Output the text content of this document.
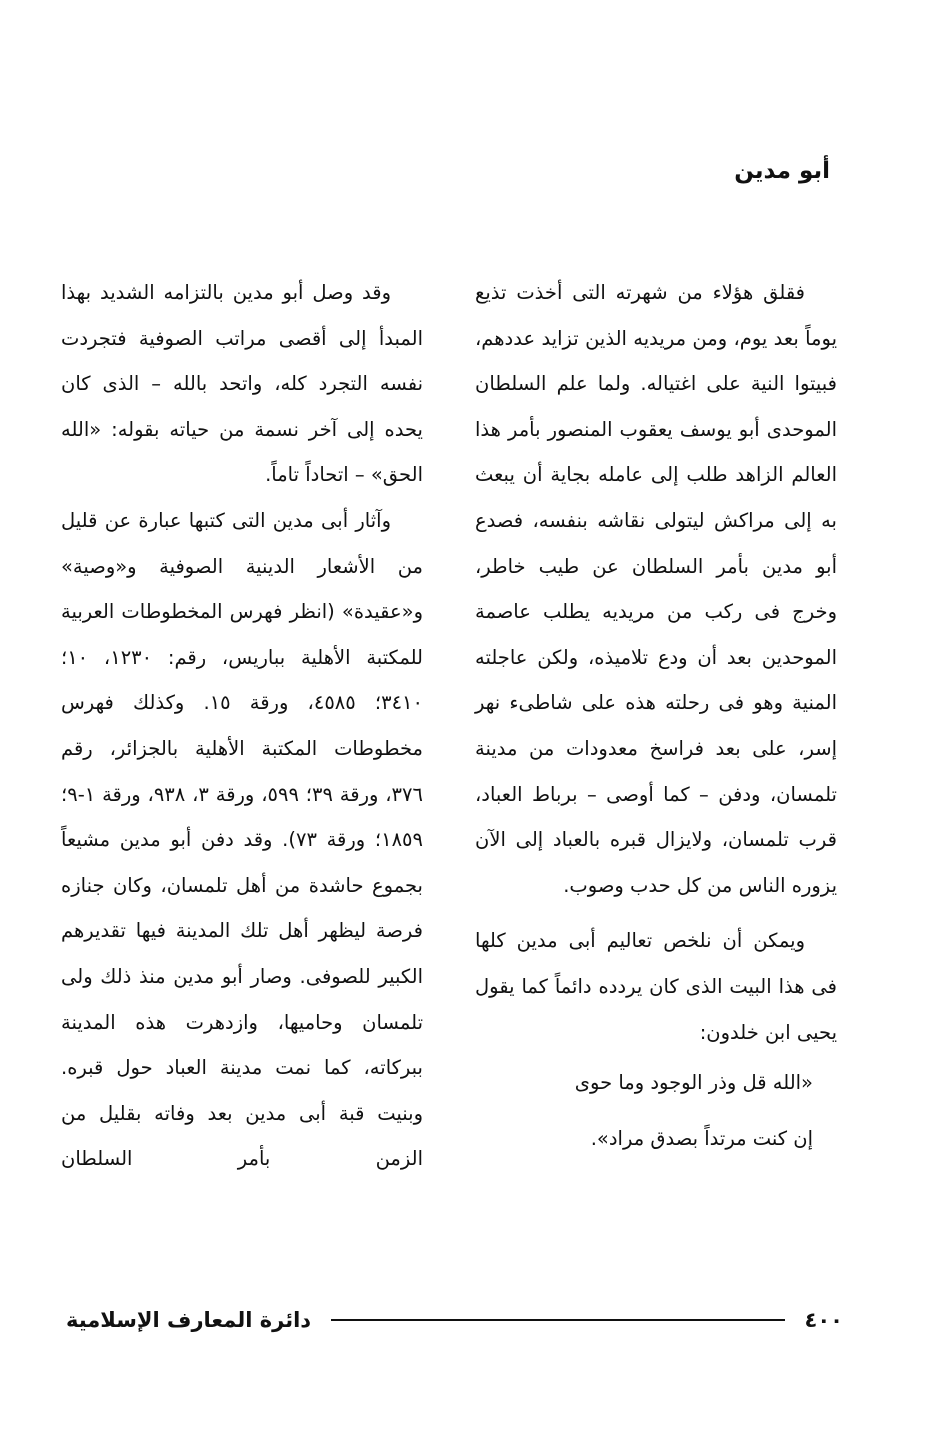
أبو مدين

فقلق هؤلاء من شهرته التى أخذت تذيع يوماً بعد يوم، ومن مريديه الذين تزايد عددهم، فبيتوا النية على اغتياله. ولما علم السلطان الموحدى أبو يوسف يعقوب المنصور بأمر هذا العالم الزاهد طلب إلى عامله بجاية أن يبعث به إلى مراكش ليتولى نقاشه بنفسه، فصدع أبو مدين بأمر السلطان عن طيب خاطر، وخرج فى ركب من مريديه يطلب عاصمة الموحدين بعد أن ودع تلاميذه، ولكن عاجلته المنية وهو فى رحلته هذه على شاطىء نهر إسر، على بعد فراسخ معدودات من مدينة تلمسان، ودفن – كما أوصى – برباط العباد، قرب تلمسان، ولايزال قبره بالعباد إلى الآن يزوره الناس من كل حدب وصوب.

ويمكن أن نلخص تعاليم أبى مدين كلها فى هذا البيت الذى كان يردده دائماً كما يقول يحيى ابن خلدون:

«الله قل وذر الوجود وما حوى
إن كنت مرتداً بصدق مراد».

وقد وصل أبو مدين بالتزامه الشديد بهذا المبدأ إلى أقصى مراتب الصوفية فتجردت نفسه التجرد كله، واتحد بالله – الذى كان يحده إلى آخر نسمة من حياته بقوله: «الله الحق» – اتحاداً تاماً.

وآثار أبى مدين التى كتبها عبارة عن قليل من الأشعار الدينية الصوفية و«وصية» و«عقيدة» (انظر فهرس المخطوطات العربية للمكتبة الأهلية بباريس، رقم: ١٢٣٠، ١٠؛ ٣٤١٠؛ ٤٥٨٥، ورقة ١٥. وكذلك فهرس مخطوطات المكتبة الأهلية بالجزائر، رقم ٣٧٦، ورقة ٣٩؛ ٥٩٩، ورقة ٣، ٩٣٨، ورقة ١-٩؛ ١٨٥٩؛ ورقة ٧٣). وقد دفن أبو مدين مشيعاً بجموع حاشدة من أهل تلمسان، وكان جنازه فرصة ليظهر أهل تلك المدينة فيها تقديرهم الكبير للصوفى. وصار أبو مدين منذ ذلك ولى تلمسان وحاميها، وازدهرت هذه المدينة ببركاته، كما نمت مدينة العباد حول قبره. وبنيت قبة أبى مدين بعد وفاته بقليل من الزمن بأمر السلطان

٤٠٠
دائرة المعارف الإسلامية
